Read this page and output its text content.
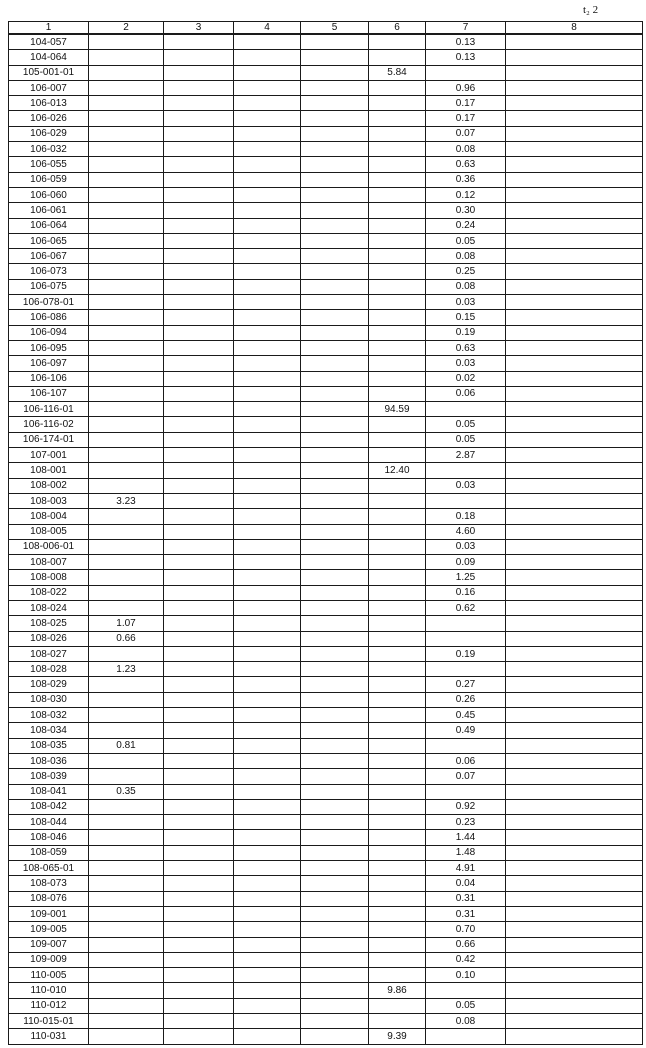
t₂ 2
1	2	3	4	5	6	7	8
104-057						0.13	
104-064						0.13	
105-001-01					5.84		
106-007						0.96	
106-013						0.17	
106-026						0.17	
106-029						0.07	
106-032						0.08	
106-055						0.63	
106-059						0.36	
106-060						0.12	
106-061						0.30	
106-064						0.24	
106-065						0.05	
106-067						0.08	
106-073						0.25	
106-075						0.08	
106-078-01						0.03	
106-086						0.15	
106-094						0.19	
106-095						0.63	
106-097						0.03	
106-106						0.02	
106-107						0.06	
106-116-01					94.59		
106-116-02						0.05	
106-174-01						0.05	
107-001						2.87	
108-001					12.40		
108-002						0.03	
108-003	3.23						
108-004						0.18	
108-005						4.60	
108-006-01						0.03	
108-007						0.09	
108-008						1.25	
108-022						0.16	
108-024						0.62	
108-025	1.07						
108-026	0.66						
108-027						0.19	
108-028	1.23						
108-029						0.27	
108-030						0.26	
108-032						0.45	
108-034						0.49	
108-035	0.81						
108-036						0.06	
108-039						0.07	
108-041	0.35						
108-042						0.92	
108-044						0.23	
108-046						1.44	
108-059						1.48	
108-065-01						4.91	
108-073						0.04	
108-076						0.31	
109-001						0.31	
109-005						0.70	
109-007						0.66	
109-009						0.42	
110-005						0.10	
110-010					9.86		
110-012						0.05	
110-015-01						0.08	
110-031					9.39		
